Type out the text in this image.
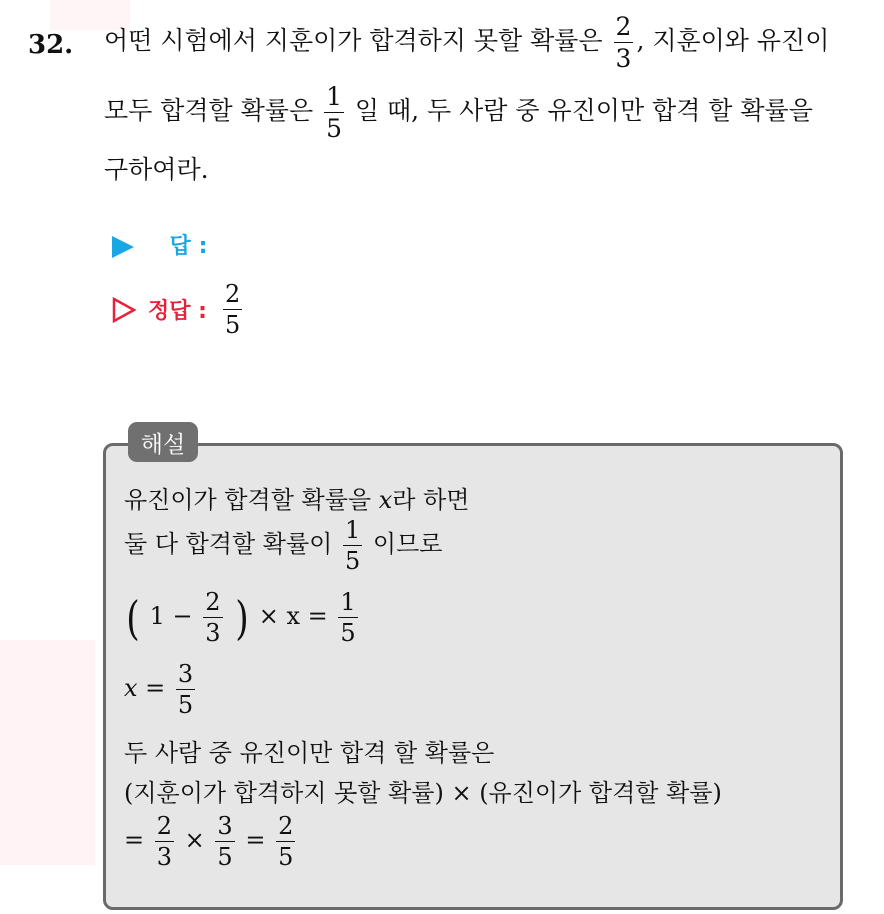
32. 어떤 시험에서 지훈이가 합격하지 못할 확률은 $\frac{2}{3}$ , 지훈이와 유진이
모두 합격할 확률은 $\frac{1}{5}$ 일 때, 두 사람 중 유진이만 합격 할 확률을
구하여라.
답 :
정답 : $\frac{2}{5}$
해설
유진이가 합격할 확률을 x라 하면
둘 다 합격할 확률이 $\frac{1}{5}$ 이므로
( $1 - \frac{2}{3}$ ) × $x = \frac{1}{5}$
$x = \frac{3}{5}$
두 사람 중 유진이만 합격 할 확률은
(지훈이가 합격하지 못할 확률) × (유진이가 합격할 확률)
= $\frac{2}{3} \times \frac{3}{5} = \frac{2}{5}$
